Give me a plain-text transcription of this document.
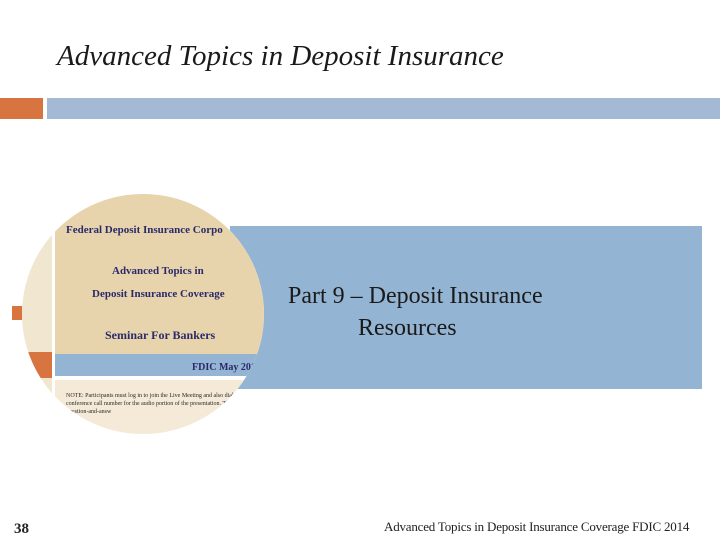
Advanced Topics in Deposit Insurance
Part 9 – Deposit Insurance
Resources
Federal Deposit Insurance Corpo
Advanced Topics in
Deposit Insurance Coverage
Seminar For Bankers
FDIC May 2014
NOTE: Participants must log in to join the Live Meeting and also dial into a conference call number for the audio portion of the presentation. This includes the question-and-answ
38	Advanced Topics in Deposit Insurance Coverage FDIC 2014
